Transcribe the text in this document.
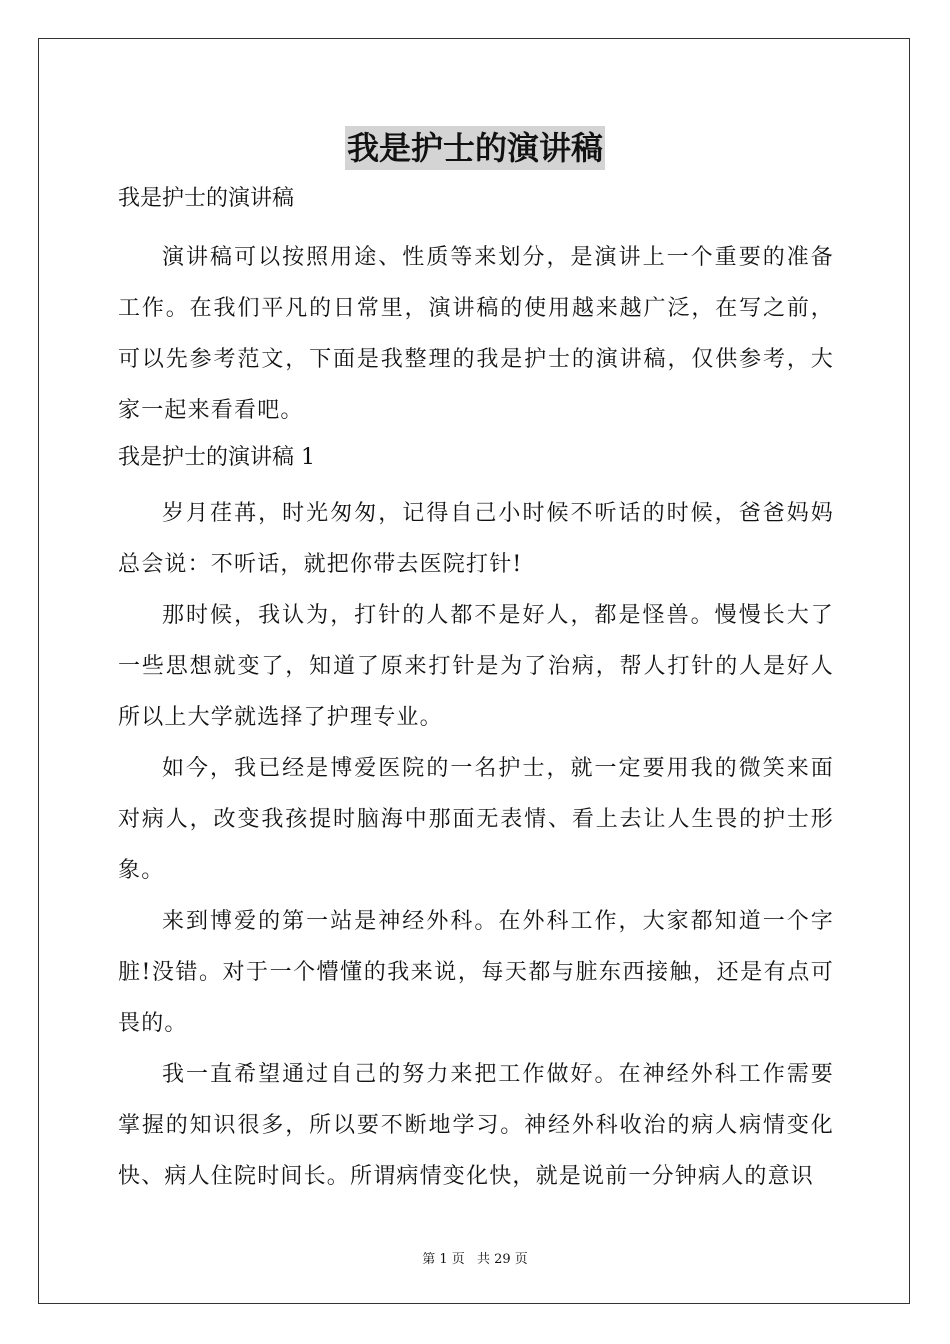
我是护士的演讲稿

我是护士的演讲稿

演讲稿可以按照用途、性质等来划分，是演讲上一个重要的准备工作。在我们平凡的日常里，演讲稿的使用越来越广泛，在写之前，可以先参考范文，下面是我整理的我是护士的演讲稿，仅供参考，大家一起来看看吧。

我是护士的演讲稿 1

岁月荏苒，时光匆匆，记得自己小时候不听话的时候，爸爸妈妈总会说：不听话，就把你带去医院打针!

那时候，我认为，打针的人都不是好人，都是怪兽。慢慢长大了一些思想就变了，知道了原来打针是为了治病，帮人打针的人是好人所以上大学就选择了护理专业。

如今，我已经是博爱医院的一名护士，就一定要用我的微笑来面对病人，改变我孩提时脑海中那面无表情、看上去让人生畏的护士形象。

来到博爱的第一站是神经外科。在外科工作，大家都知道一个字脏!没错。对于一个懵懂的我来说，每天都与脏东西接触，还是有点可畏的。

我一直希望通过自己的努力来把工作做好。在神经外科工作需要掌握的知识很多，所以要不断地学习。神经外科收治的病人病情变化快、病人住院时间长。所谓病情变化快，就是说前一分钟病人的意识

第 1 页 共 29 页
